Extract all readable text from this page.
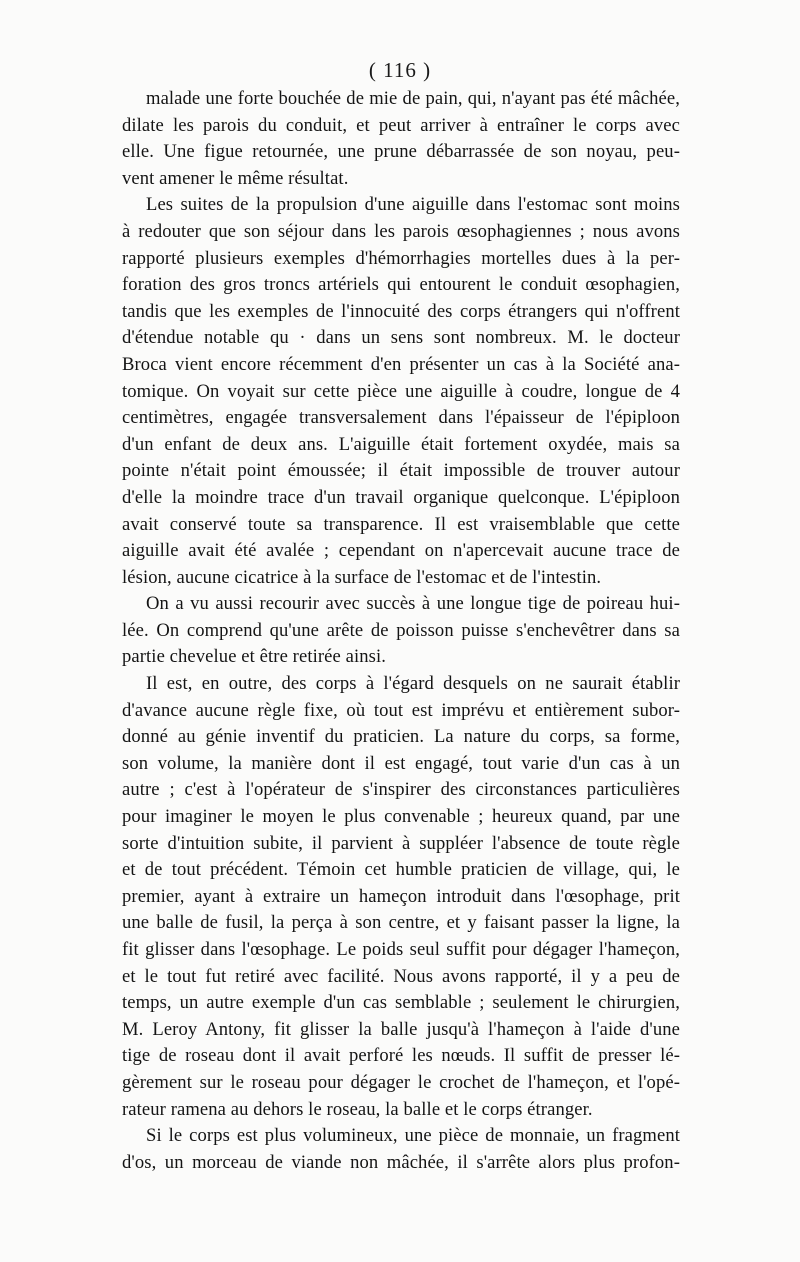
( 116 )
malade une forte bouchée de mie de pain, qui, n'ayant pas été mâchée,
dilate les parois du conduit, et peut arriver à entraîner le corps avec
elle. Une figue retournée, une prune débarrassée de son noyau, peu-
vent amener le même résultat.
Les suites de la propulsion d'une aiguille dans l'estomac sont moins
à redouter que son séjour dans les parois œsophagiennes ; nous avons
rapporté plusieurs exemples d'hémorrhagies mortelles dues à la per-
foration des gros troncs artériels qui entourent le conduit œsophagien,
tandis que les exemples de l'innocuité des corps étrangers qui n'offrent
d'étendue notable qu · dans un sens sont nombreux. M. le docteur
Broca vient encore récemment d'en présenter un cas à la Société ana-
tomique. On voyait sur cette pièce une aiguille à coudre, longue de 4
centimètres, engagée transversalement dans l'épaisseur de l'épiploon
d'un enfant de deux ans. L'aiguille était fortement oxydée, mais sa
pointe n'était point émoussée; il était impossible de trouver autour
d'elle la moindre trace d'un travail organique quelconque. L'épiploon
avait conservé toute sa transparence. Il est vraisemblable que cette
aiguille avait été avalée ; cependant on n'apercevait aucune trace de
lésion, aucune cicatrice à la surface de l'estomac et de l'intestin.
On a vu aussi recourir avec succès à une longue tige de poireau hui-
lée. On comprend qu'une arête de poisson puisse s'enchevêtrer dans sa
partie chevelue et être retirée ainsi.
Il est, en outre, des corps à l'égard desquels on ne saurait établir
d'avance aucune règle fixe, où tout est imprévu et entièrement subor-
donné au génie inventif du praticien. La nature du corps, sa forme,
son volume, la manière dont il est engagé, tout varie d'un cas à un
autre ; c'est à l'opérateur de s'inspirer des circonstances particulières
pour imaginer le moyen le plus convenable ; heureux quand, par une
sorte d'intuition subite, il parvient à suppléer l'absence de toute règle
et de tout précédent. Témoin cet humble praticien de village, qui, le
premier, ayant à extraire un hameçon introduit dans l'œsophage, prit
une balle de fusil, la perça à son centre, et y faisant passer la ligne, la
fit glisser dans l'œsophage. Le poids seul suffit pour dégager l'hameçon,
et le tout fut retiré avec facilité. Nous avons rapporté, il y a peu de
temps, un autre exemple d'un cas semblable ; seulement le chirurgien,
M. Leroy Antony, fit glisser la balle jusqu'à l'hameçon à l'aide d'une
tige de roseau dont il avait perforé les nœuds. Il suffit de presser lé-
gèrement sur le roseau pour dégager le crochet de l'hameçon, et l'opé-
rateur ramena au dehors le roseau, la balle et le corps étranger.
Si le corps est plus volumineux, une pièce de monnaie, un fragment
d'os, un morceau de viande non mâchée, il s'arrête alors plus profon-
